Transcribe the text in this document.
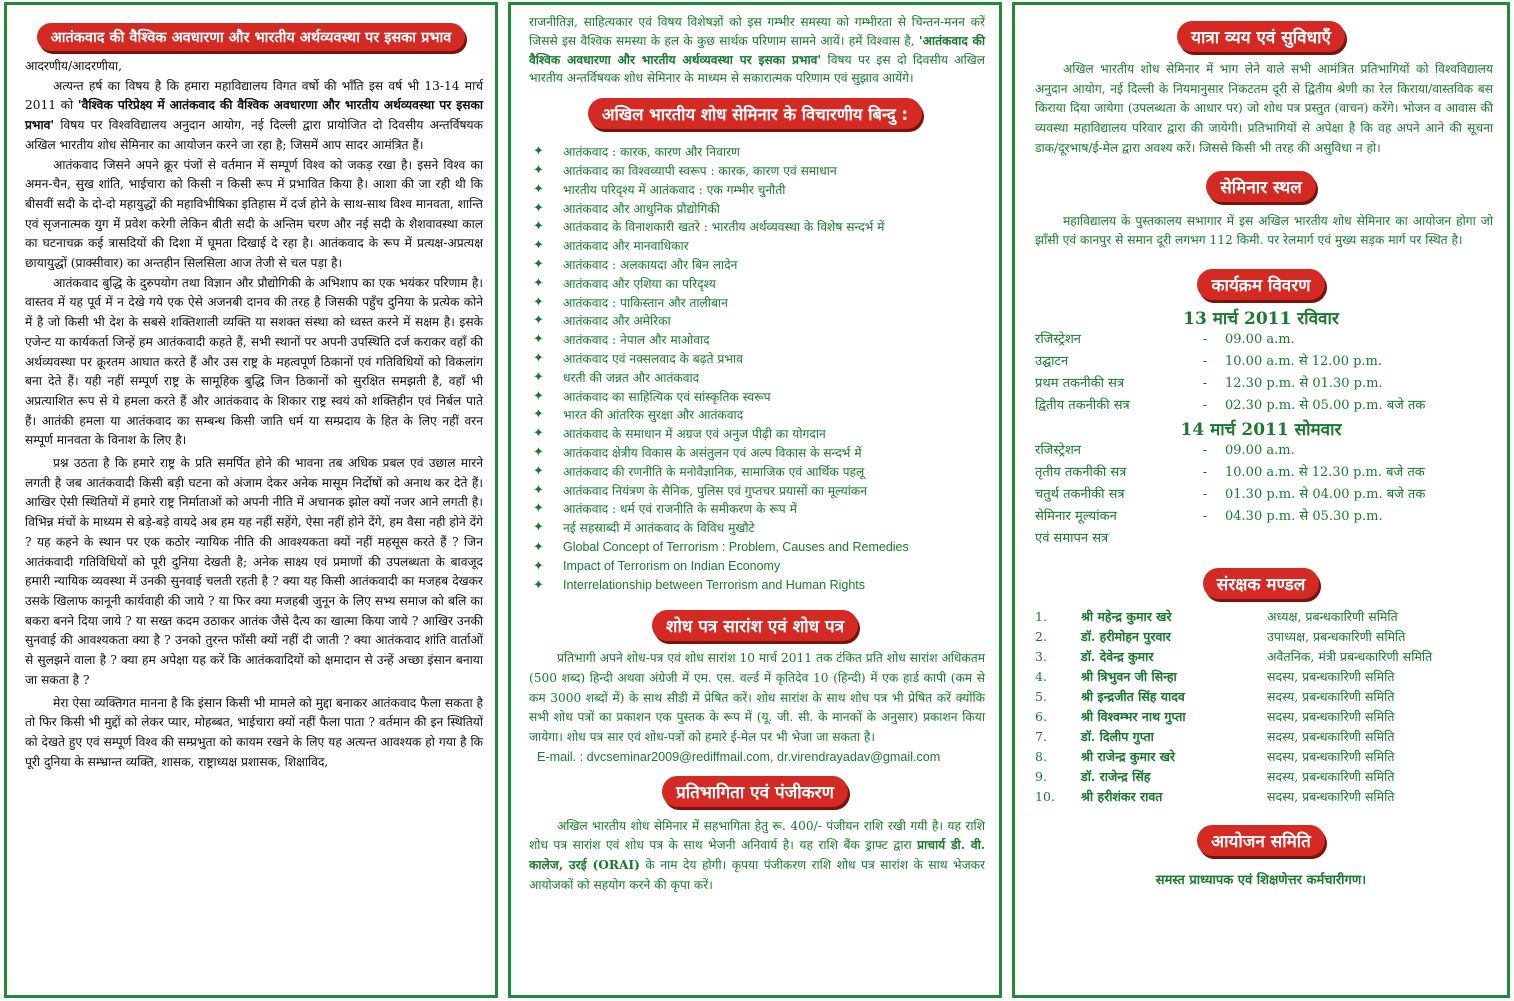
आतंकवाद की वैश्विक अवधारणा और भारतीय अर्थव्यवस्था पर इसका प्रभाव

आदरणीय/आदरणीया,

अत्यन्त हर्ष का विषय है कि हमारा महाविद्यालय विगत वर्षो की भाँति इस वर्ष भी 13-14 मार्च 2011 को 'वैश्विक परिप्रेक्ष्य में आतंकवाद की वैश्विक अवधारणा और भारतीय अर्थव्यवस्था पर इसका प्रभाव' विषय पर विश्वविद्यालय अनुदान आयोग, नई दिल्ली द्वारा प्रायोजित दो दिवसीय अन्तर्विषयक अखिल भारतीय शोध सेमिनार का आयोजन करने जा रहा है; जिसमें आप सादर आमंत्रित हैं।

आतंकवाद जिसने अपने क्रूर पंजों से वर्तमान में सम्पूर्ण विश्व को जकड़ रखा है। इसने विश्व का अमन-चैन, सुख शांति, भाईचारा को किसी न किसी रूप में प्रभावित किया है। आशा की जा रही थी कि बीसवीं सदी के दो-दो महायुद्धों की महाविभीषिका इतिहास में दर्ज होने के साथ-साथ विश्व मानवता, शान्ति एवं सृजनात्मक युग में प्रवेश करेगी लेकिन बीती सदी के अन्तिम चरण और नई सदी के शैशवावस्था काल का घटनाचक्र कई त्रासदियों की दिशा में घूमता दिखाई दे रहा है। आतंकवाद के रूप में प्रत्यक्ष-अप्रत्यक्ष छायायुद्धों (प्राक्सीवार) का अन्तहीन सिलसिला आज तेजी से चल पड़ा है।

आतंकवाद बुद्धि के दुरुपयोग तथा विज्ञान और प्रौद्योगिकी के अभिशाप का एक भयंकर परिणाम है। वास्तव में यह पूर्व में न देखे गये एक ऐसे अजनबी दानव की तरह है जिसकी पहुँच दुनिया के प्रत्येक कोने में है जो किसी भी देश के सबसे शक्तिशाली व्यक्ति या सशक्त संस्था को ध्वस्त करने में सक्षम है। इसके एजेन्ट या कार्यकर्ता जिन्हें हम आतंकवादी कहते हैं, सभी स्थानों पर अपनी उपस्थिति दर्ज कराकर वहाँ की अर्थव्यवस्था पर क्रूरतम आघात करते हैं और उस राष्ट्र के महत्वपूर्ण ठिकानों एवं गतिविधियों को विकलांग बना देते हैं। यही नहीं सम्पूर्ण राष्ट्र के सामूहिक बुद्धि जिन ठिकानों को सुरक्षित समझती है, वहाँ भी अप्रत्याशित रूप से ये हमला करते हैं और आतंकवाद के शिकार राष्ट्र स्वयं को शक्तिहीन एवं निर्बल पाते हैं। आतंकी हमला या आतंकवाद का सम्बन्ध किसी जाति धर्म या सम्प्रदाय के हित के लिए नहीं वरन सम्पूर्ण मानवता के विनाश के लिए है।

प्रश्न उठता है कि हमारे राष्ट्र के प्रति समर्पित होने की भावना तब अधिक प्रबल एवं उछाल मारने लगती है जब आतंकवादी किसी बड़ी घटना को अंजाम देकर अनेक मासूम निर्दोषों को अनाथ कर देते हैं। आखिर ऐसी स्थितियों में हमारे राष्ट्र निर्माताओं को अपनी नीति में अचानक झोल क्यों नजर आने लगती है। विभिन्न मंचों के माध्यम से बड़े-बड़े वायदे अब हम यह नहीं सहेंगे, ऐसा नहीं होने देंगे, हम वैसा नही होने देंगे ? यह कहने के स्थान पर एक कठोर न्यायिक नीति की आवश्यकता क्यों नहीं महसूस करते हैं ? जिन आतंकवादी गतिविधियों को पूरी दुनिया देखती है; अनेक साक्ष्य एवं प्रमाणों की उपलब्धता के बावजूद हमारी न्यायिक व्यवस्था में उनकी सुनवाई चलती रहती है ? क्या यह किसी आतंकवादी का मजहब देखकर उसके खिलाफ कानूनी कार्यवाही की जाये ? या फिर क्या मजहबी जुनून के लिए सभ्य समाज को बलि का बकरा बनने दिया जाये ? या सख्त कदम उठाकर आतंक जैसे दैत्य का खात्मा किया जाये ? आखिर उनकी सुनवाई की आवश्यकता क्या है ? उनको तुरन्त फाँसी क्यों नहीं दी जाती ? क्या आतंकवाद शांति वार्ताओं से सुलझने वाला है ? क्या हम अपेक्षा यह करें कि आतंकवादियों को क्षमादान से उन्हें अच्छा इंसान बनाया जा सकता है ?

मेरा ऐसा व्यक्तिगत मानना है कि इंसान किसी भी मामले को मुद्दा बनाकर आतंकवाद फैला सकता है तो फिर किसी भी मुद्दों को लेकर प्यार, मोहब्बत, भाईचारा क्यों नहीं फैला पाता ? वर्तमान की इन स्थितियों को देखते हुए एवं सम्पूर्ण विश्व की सम्प्रभुता को कायम रखने के लिए यह अत्यन्त आवश्यक हो गया है कि पूरी दुनिया के सम्भ्रान्त व्यक्ति, शासक, राष्ट्राध्यक्ष प्रशासक, शिक्षाविद,

राजनीतिज्ञ, साहित्यकार एवं विषय विशेषज्ञों को इस गम्भीर समस्या को गम्भीरता से चिन्तन-मनन करें जिससे इस वैश्विक समस्या के हल के कुछ सार्थक परिणाम सामने आयें। हमें विश्वास है, 'आतंकवाद की वैश्विक अवधारणा और भारतीय अर्थव्यवस्था पर इसका प्रभाव' विषय पर इस दो दिवसीय अखिल भारतीय अन्तर्विषयक शोध सेमिनार के माध्यम से सकारात्मक परिणाम एवं सुझाव आयेंगे।

अखिल भारतीय शोध सेमिनार के विचारणीय बिन्दु :
✦ आतंकवाद : कारक, कारण और निवारण
✦ आतंकवाद का विश्वव्यापी स्वरूप : कारक, कारण एवं समाधान
✦ भारतीय परिदृश्य में आतंकवाद : एक गम्भीर चुनौती
✦ आतंकवाद और आधुनिक प्रौद्योगिकी
✦ आतंकवाद के विनाशकारी खतरे : भारतीय अर्थव्यवस्था के विशेष सन्दर्भ में
✦ आतंकवाद और मानवाधिकार
✦ आतंकवाद : अलकायदा और बिन लादेन
✦ आतंकवाद और एशिया का परिदृश्य
✦ आतंकवाद : पाकिस्तान और तालीबान
✦ आतंकवाद और अमेरिका
✦ आतंकवाद : नेपाल और माओवाद
✦ आतंकवाद एवं नक्सलवाद के बढ़ते प्रभाव
✦ धरती की जन्नत और आतंकवाद
✦ आतंकवाद का साहित्यिक एवं सांस्कृतिक स्वरूप
✦ भारत की आंतरिक सुरक्षा और आतंकवाद
✦ आतंकवाद के समाधान में अग्रज एवं अनुज पीढ़ी का योगदान
✦ आतंकवाद क्षेत्रीय विकास के असंतुलन एवं अल्प विकास के सन्दर्भ में
✦ आतंकवाद की रणनीति के मनोवैज्ञानिक, सामाजिक एवं आर्थिक पहलू
✦ आतंकवाद नियंत्रण के सैनिक, पुलिस एवं गुप्तचर प्रयासों का मूल्यांकन
✦ आतंकवाद : धर्म एवं राजनीति के समीकरण के रूप में
✦ नई सहस्राब्दी में आतंकवाद के विविध मुखौटे
✦ Global Concept of Terrorism : Problem, Causes and Remedies
✦ Impact of Terrorism on Indian Economy
✦ Interrelationship between Terrorism and Human Rights
शोध पत्र सारांश एवं शोध पत्र

प्रतिभागी अपने शोध-पत्र एवं शोध सारांश 10 मार्च 2011 तक टंकित प्रति शोध सारांश अधिकतम (500 शब्द) हिन्दी अथवा अंग्रेजी में एम. एस. वर्ल्ड में कृतिदेव 10 (हिन्दी) में एक हार्ड कापी (कम से कम 3000 शब्दों में) के साथ सीडी में प्रेषित करें। शोध सारांश के साथ शोध पत्र भी प्रेषित करें क्योंकि सभी शोध पत्रों का प्रकाशन एक पुस्तक के रूप में (यू. जी. सी. के मानकों के अनुसार) प्रकाशन किया जायेगा। शोध पत्र सार एवं शोध-पत्रों को हमारे ई-मेल पर भी भेजा जा सकता है।

E-mail. : dvcseminar2009@rediffmail.com, dr.virendrayadav@gmail.com

प्रतिभागिता एवं पंजीकरण

अखिल भारतीय शोध सेमिनार में सहभागिता हेतु रू. 400/- पंजीयन राशि रखी गयी है। यह राशि शोध पत्र सारांश एवं शोध पत्र के साथ भेजनी अनिवार्य है। यह राशि बैंक ड्राफ्ट द्वारा प्राचार्य डी. वी. कालेज, उरई (ORAI) के नाम देय होगी। कृपया पंजीकरण राशि शोध पत्र सारांश के साथ भेजकर आयोजकों को सहयोग करने की कृपा करें।

यात्रा व्यय एवं सुविधाएँ

अखिल भारतीय शोध सेमिनार में भाग लेने वाले सभी आमंत्रित प्रतिभागियों को विश्वविद्यालय अनुदान आयोग, नई दिल्ली के नियमानुसार निकटतम दूरी से द्वितीय श्रेणी का रेल किराया/वास्तविक बस किराया दिया जायेगा (उपलब्धता के आधार पर) जो शोध पत्र प्रस्तुत (वाचन) करेंगे। भोजन व आवास की व्यवस्था महाविद्यालय परिवार द्वारा की जायेगी। प्रतिभागियों से अपेक्षा है कि वह अपने आने की सूचना डाक/दूरभाष/ई-मेल द्वारा अवश्य करें। जिससे किसी भी तरह की असुविधा न हो।

सेमिनार स्थल

महाविद्यालय के पुस्तकालय सभागार में इस अखिल भारतीय शोध सेमिनार का आयोजन होगा जो झाँसी एवं कानपुर से समान दूरी लगभग 112 किमी. पर रेलमार्ग एवं मुख्य सड़क मार्ग पर स्थित है।

कार्यक्रम विवरण
13 मार्च 2011 रविवार
रजिस्ट्रेशन	-	09.00 a.m.
उद्घाटन	-	10.00 a.m. से 12.00 p.m.
प्रथम तकनीकी सत्र	-	12.30 p.m. से 01.30 p.m.
द्वितीय तकनीकी सत्र	-	02.30 p.m. से 05.00 p.m. बजे तक
14 मार्च 2011 सोमवार
रजिस्ट्रेशन	-	09.00 a.m.
तृतीय तकनीकी सत्र	-	10.00 a.m. से 12.30 p.m. बजे तक
चतुर्थ तकनीकी सत्र	-	01.30 p.m. से 04.00 p.m. बजे तक
सेमिनार मूल्यांकन	-	04.30 p.m. से 05.30 p.m.
एवं समापन सत्र		
संरक्षक मण्डल
1.	श्री महेन्द्र कुमार खरे	अध्यक्ष, प्रबन्धकारिणी समिति
2.	डॉ. हरीमोहन पुरवार	उपाध्यक्ष, प्रबन्धकारिणी समिति
3.	डॉ. देवेन्द्र कुमार	अवैतनिक, मंत्री प्रबन्धकारिणी समिति
4.	श्री त्रिभुवन जी सिन्हा	सदस्य, प्रबन्धकारिणी समिति
5.	श्री इन्द्रजीत सिंह यादव	सदस्य, प्रबन्धकारिणी समिति
6.	श्री विश्वम्भर नाथ गुप्ता	सदस्य, प्रबन्धकारिणी समिति
7.	डॉ. दिलीप गुप्ता	सदस्य, प्रबन्धकारिणी समिति
8.	श्री राजेन्द्र कुमार खरे	सदस्य, प्रबन्धकारिणी समिति
9.	डॉ. राजेन्द्र सिंह	सदस्य, प्रबन्धकारिणी समिति
10.	श्री हरीशंकर रावत	सदस्य, प्रबन्धकारिणी समिति
आयोजन समिति
समस्त प्राध्यापक एवं शिक्षणेत्तर कर्मचारीगण।
